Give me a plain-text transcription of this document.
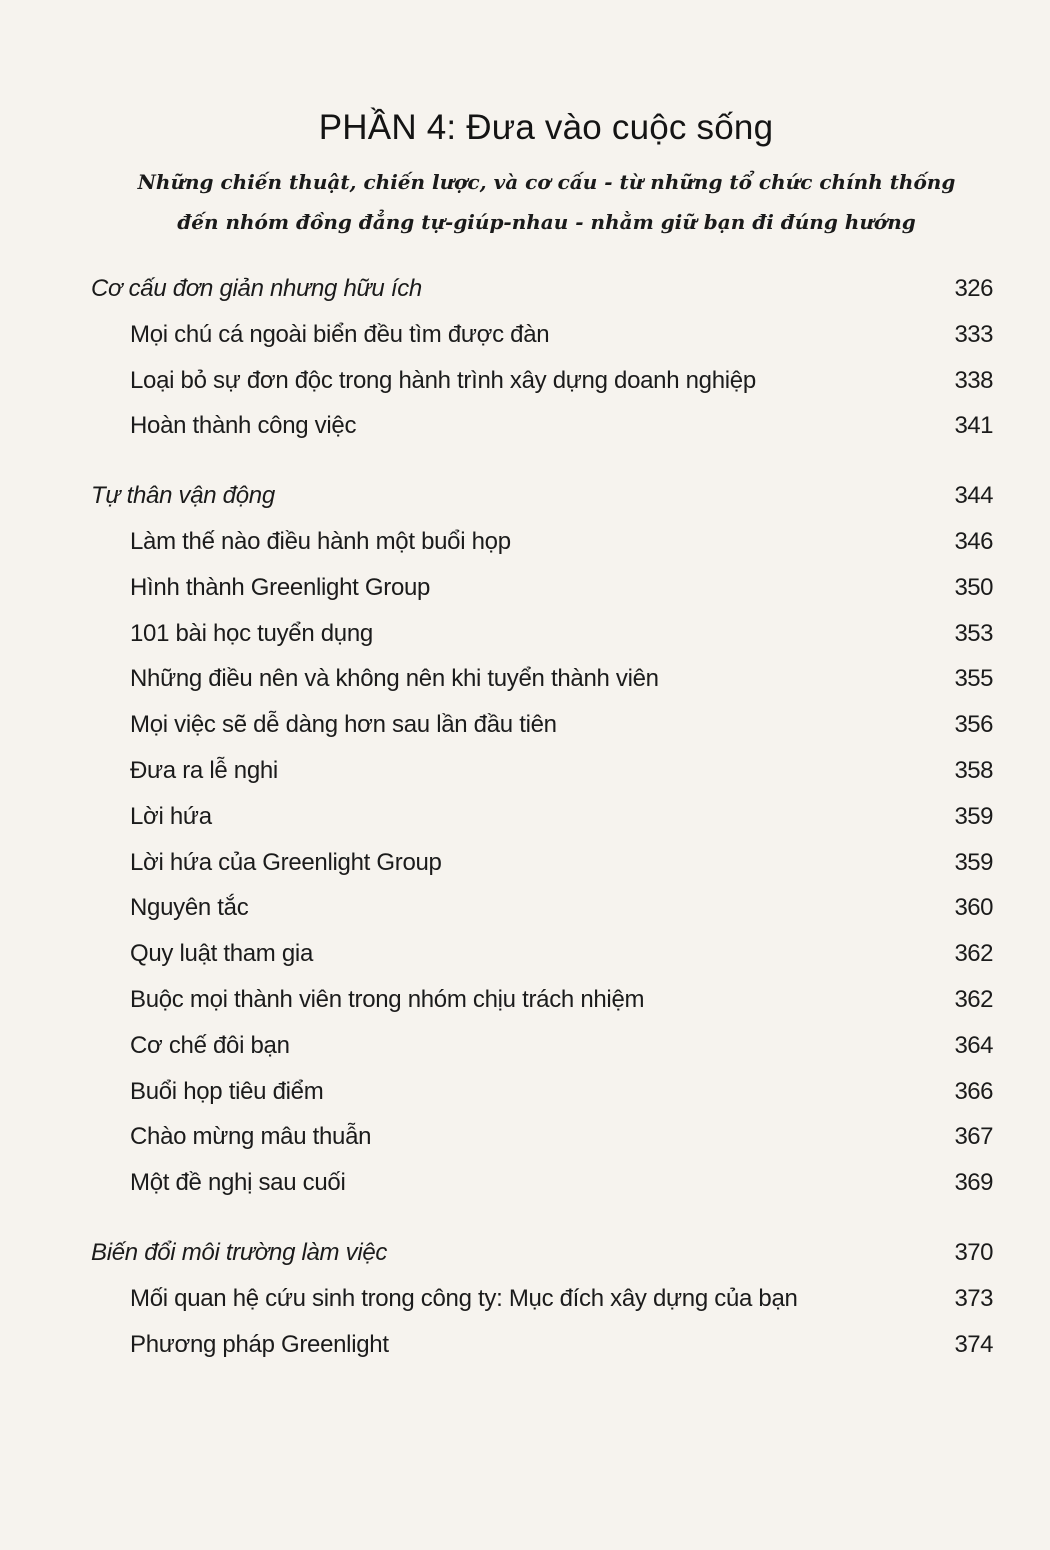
PHẦN 4: Đưa vào cuộc sống
Những chiến thuật, chiến lược, và cơ cấu - từ những tổ chức chính thống
đến nhóm đồng đẳng tự-giúp-nhau - nhằm giữ bạn đi đúng hướng
Cơ cấu đơn giản nhưng hữu ích	326
Mọi chú cá ngoài biển đều tìm được đàn	333
Loại bỏ sự đơn độc trong hành trình xây dựng doanh nghiệp	338
Hoàn thành công việc	341
Tự thân vận động	344
Làm thế nào điều hành một buổi họp	346
Hình thành Greenlight Group	350
101 bài học tuyển dụng	353
Những điều nên và không nên khi tuyển thành viên	355
Mọi việc sẽ dễ dàng hơn sau lần đầu tiên	356
Đưa ra lễ nghi	358
Lời hứa	359
Lời hứa của Greenlight Group	359
Nguyên tắc	360
Quy luật tham gia	362
Buộc mọi thành viên trong nhóm chịu trách nhiệm	362
Cơ chế đôi bạn	364
Buổi họp tiêu điểm	366
Chào mừng mâu thuẫn	367
Một đề nghị sau cuối	369
Biến đổi môi trường làm việc	370
Mối quan hệ cứu sinh trong công ty: Mục đích xây dựng của bạn	373
Phương pháp Greenlight	374
